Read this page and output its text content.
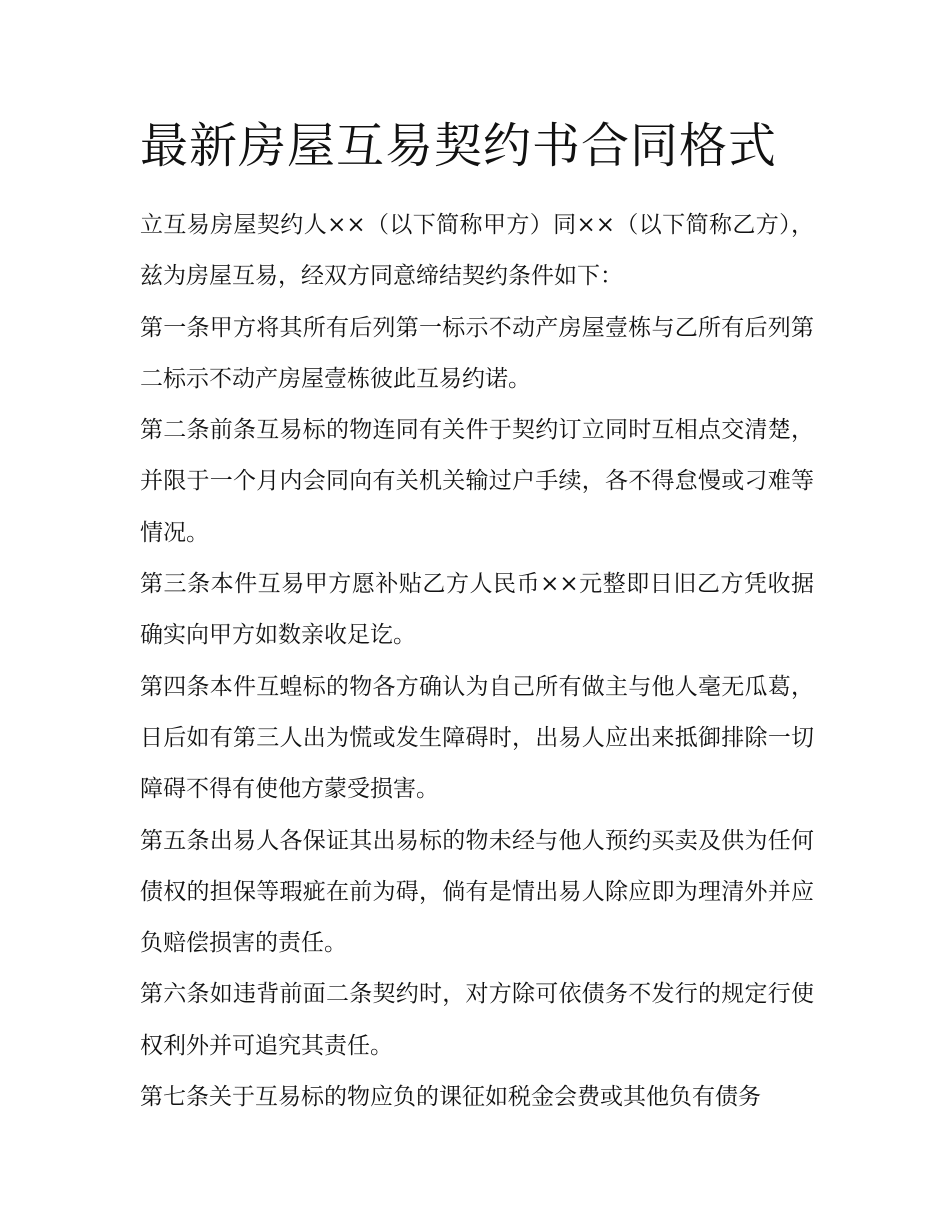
最新房屋互易契约书合同格式

立互易房屋契约人××（以下简称甲方）同××（以下简称乙方），兹为房屋互易，经双方同意缔结契约条件如下：

第一条甲方将其所有后列第一标示不动产房屋壹栋与乙所有后列第二标示不动产房屋壹栋彼此互易约诺。

第二条前条互易标的物连同有关件于契约订立同时互相点交清楚，并限于一个月内会同向有关机关输过户手续，各不得怠慢或刁难等情况。

第三条本件互易甲方愿补贴乙方人民币××元整即日旧乙方凭收据确实向甲方如数亲收足讫。

第四条本件互蝗标的物各方确认为自己所有做主与他人毫无瓜葛，日后如有第三人出为慌或发生障碍时，出易人应出来抵御排除一切障碍不得有使他方蒙受损害。

第五条出易人各保证其出易标的物未经与他人预约买卖及供为任何债权的担保等瑕疵在前为碍，倘有是情出易人除应即为理清外并应负赔偿损害的责任。

第六条如违背前面二条契约时，对方除可依债务不发行的规定行使权利外并可追究其责任。

第七条关于互易标的物应负的课征如税金会费或其他负有债务
